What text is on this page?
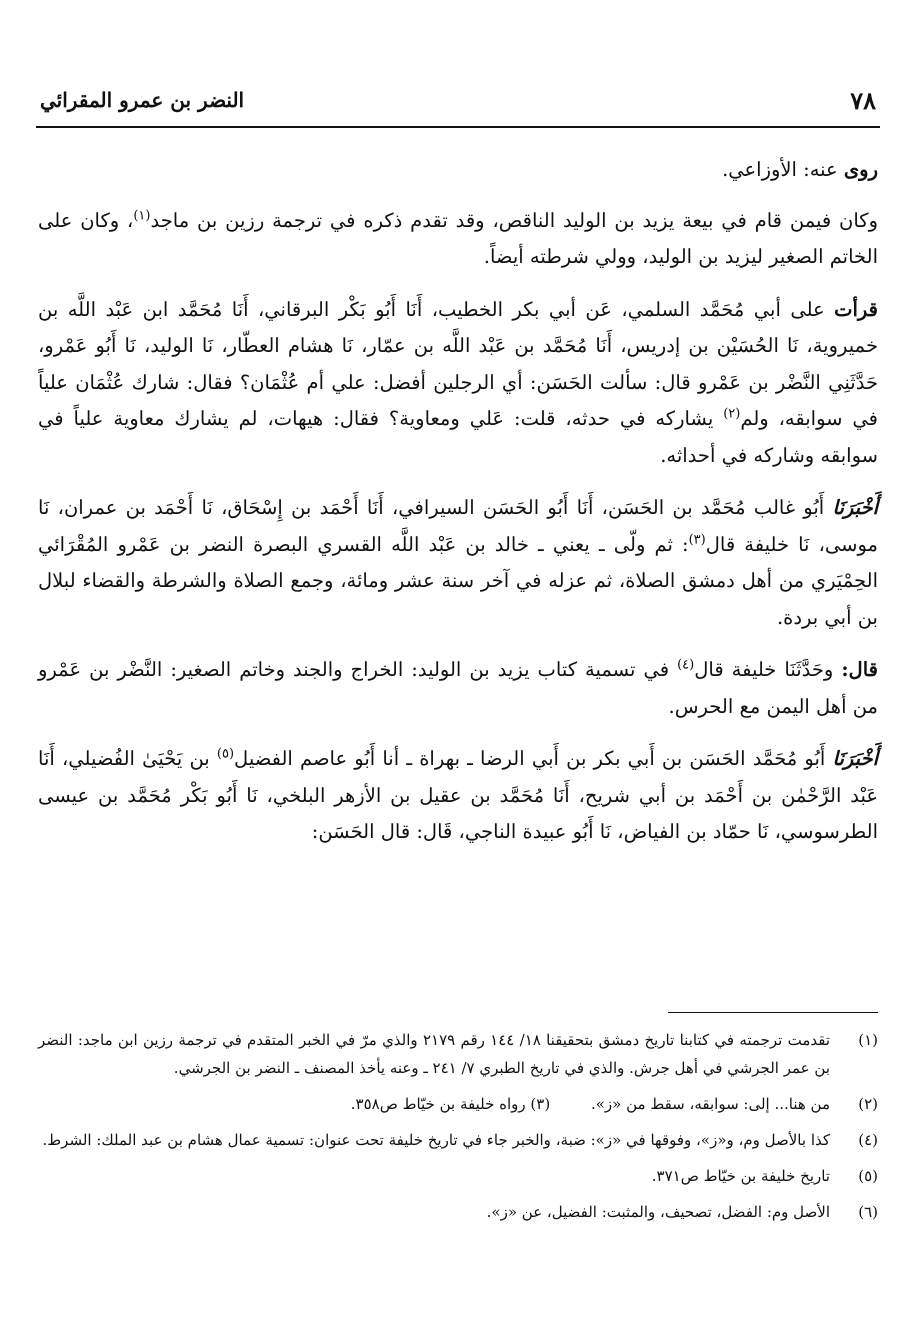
٧٨
النضر بن عمرو المقرائي

روى عنه: الأوزاعي.

وكان فيمن قام في بيعة يزيد بن الوليد الناقص، وقد تقدم ذكره في ترجمة رزين بن ماجد$^{(١)}$، وكان على الخاتم الصغير ليزيد بن الوليد، وولي شرطته أيضاً.

قرأت على أبي مُحَمَّد السلمي، عَن أبي بكر الخطيب، أَنَا أَبُو بَكْر البرقاني، أَنَا مُحَمَّد ابن عَبْد اللَّه بن خميروية، نَا الحُسَيْن بن إدريس، أَنَا مُحَمَّد بن عَبْد اللَّه بن عمّار، نَا هشام العطّار، نَا الوليد، نَا أَبُو عَمْرو، حَدَّثَنِي النَّضْر بن عَمْرو قال: سألت الحَسَن: أي الرجلين أفضل: علي أم عُثْمَان؟ فقال: شارك عُثْمَان علياً في سوابقه، ولم$^{(٢)}$ يشاركه في حدثه، قلت: عَلي ومعاوية؟ فقال: هيهات، لم يشارك معاوية علياً في سوابقه وشاركه في أحداثه.

أَخْبَرَنَا أَبُو غالب مُحَمَّد بن الحَسَن، أَنَا أَبُو الحَسَن السيرافي، أَنَا أَحْمَد بن إِسْحَاق، نَا أَحْمَد بن عمران، نَا موسى، نَا خليفة قال$^{(٣)}$: ثم ولّى ـ يعني ـ خالد بن عَبْد اللَّه القسري البصرة النضر بن عَمْرو المُقْرَائي الحِمْيَري من أهل دمشق الصلاة، ثم عزله في آخر سنة عشر ومائة، وجمع الصلاة والشرطة والقضاء لبلال بن أبي بردة.

قال: وحَدَّثَنَا خليفة قال$^{(٤)}$ في تسمية كتاب يزيد بن الوليد: الخراج والجند وخاتم الصغير: النَّضْر بن عَمْرو من أهل اليمن مع الحرس.

أَخْبَرَنَا أَبُو مُحَمَّد الحَسَن بن أَبي بكر بن أَبي الرضا ـ بهراة ـ أنا أَبُو عاصم الفضيل$^{(٥)}$ بن يَحْيَىٰ الفُضيلي، أَنَا عَبْد الرَّحْمٰن بن أَحْمَد بن أبي شريح، أَنَا مُحَمَّد بن عقيل بن الأزهر البلخي، نَا أَبُو بَكْر مُحَمَّد بن عيسى الطرسوسي، نَا حمّاد بن الفياض، نَا أَبُو عبيدة الناجي، قَال: قال الحَسَن:

(١)
تقدمت ترجمته في كتابنا تاريخ دمشق بتحقيقنا ١٨/ ١٤٤ رقم ٢١٧٩ والذي مرّ في الخبر المتقدم في ترجمة رزين ابن ماجد: النضر بن عمر الجرشي في أهل جرش. والذي في تاريخ الطبري ٧/ ٢٤١ ـ وعنه يأخذ المصنف ـ النضر بن الجرشي.
(٢)
من هنا... إلى: سوابقه، سقط من «ز». (٣) رواه خليفة بن خيّاط ص٣٥٨.
(٤)
كذا بالأصل وم، و«ز»، وفوقها في «ز»: ضبة، والخبر جاء في تاريخ خليفة تحت عنوان: تسمية عمال هشام بن عبد الملك: الشرط.
(٥)
تاريخ خليفة بن خيّاط ص٣٧١.
(٦)
الأصل وم: الفضل، تصحيف، والمثبت: الفضيل، عن «ز».
